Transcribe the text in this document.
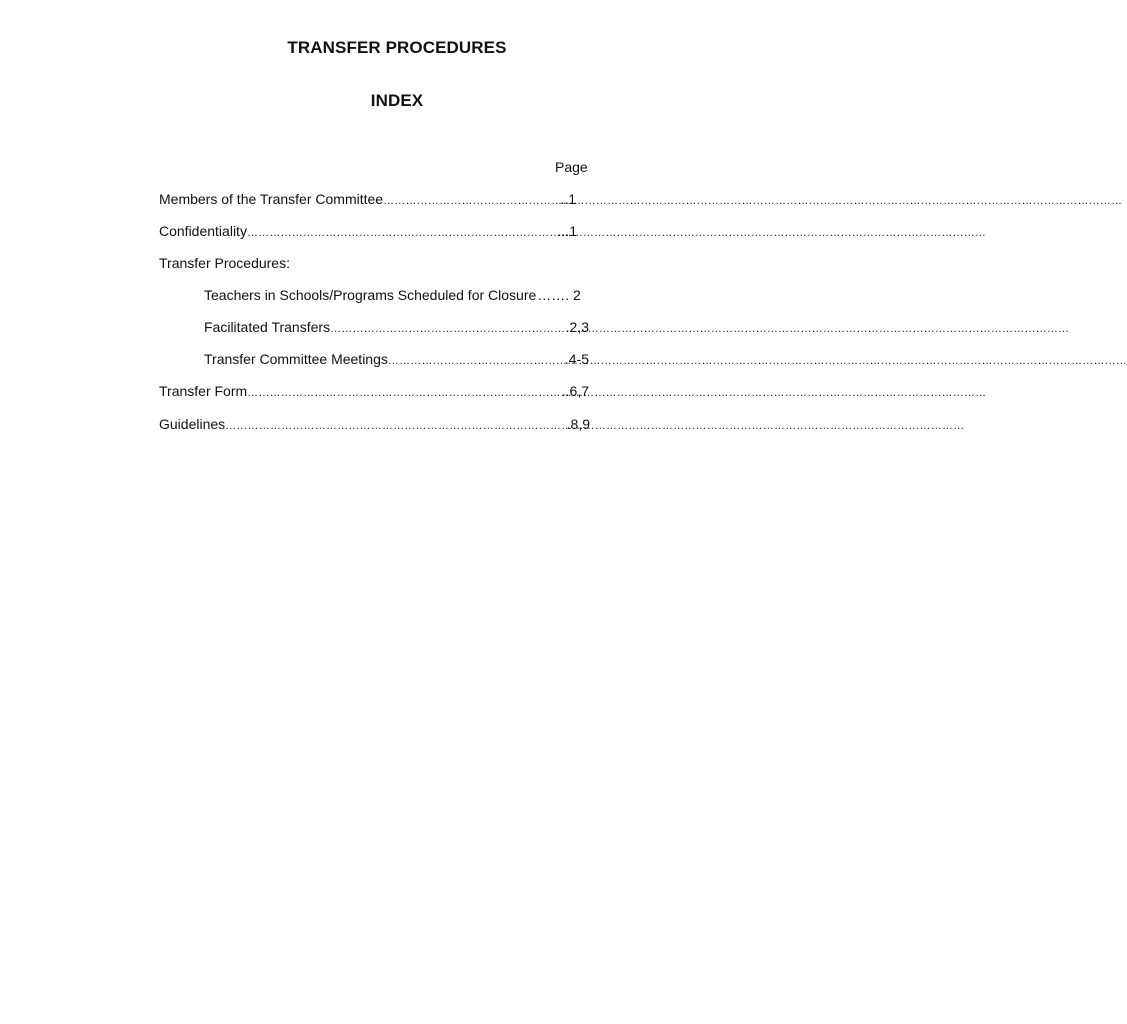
TRANSFER PROCEDURES
INDEX
Page
Members of the Transfer Committee ………………………………………………………………………………………………………………………………………………………………………………	..1
Confidentiality ………………………………………………………………………………………………………………………………………………………………………………	...1
Transfer Procedures:
Teachers in Schools/Programs Scheduled for Closure ……. 2
Facilitated Transfers ………………………………………………………………………………………………………………………………………………………………………………	.2,3
Transfer Committee Meetings ………………………………………………………………………………………………………………………………………………………………………………	.4-5
Transfer Form ………………………………………………………………………………………………………………………………………………………………………………	..6,7
Guidelines ………………………………………………………………………………………………………………………………………………………………………………	.8,9
